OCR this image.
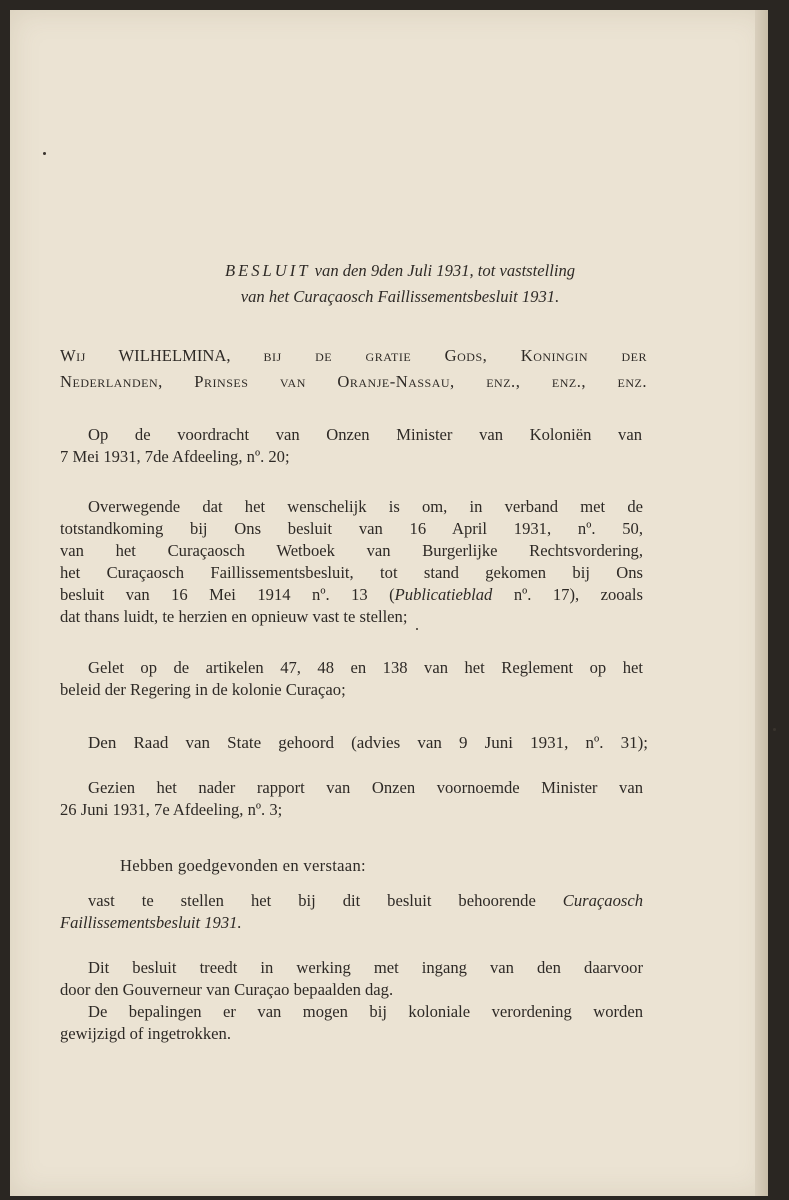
BESLUIT van den 9den Juli 1931, tot vaststelling
van het Curaçaosch Faillissementsbesluit 1931.
Wij WILHELMINA, bij de gratie Gods, Koningin der
Nederlanden, Prinses van Oranje-Nassau, enz., enz., enz.
Op de voordracht van Onzen Minister van Koloniën van
7 Mei 1931, 7de Afdeeling, nº. 20;
Overwegende dat het wenschelijk is om, in verband met de
totstandkoming bij Ons besluit van 16 April 1931, nº. 50,
van het Curaçaosch Wetboek van Burgerlijke Rechtsvordering,
het Curaçaosch Faillissementsbesluit, tot stand gekomen bij Ons
besluit van 16 Mei 1914 nº. 13 (Publicatieblad nº. 17), zooals
dat thans luidt, te herzien en opnieuw vast te stellen;
Gelet op de artikelen 47, 48 en 138 van het Reglement op het
beleid der Regering in de kolonie Curaçao;
Den Raad van State gehoord (advies van 9 Juni 1931, nº. 31);
Gezien het nader rapport van Onzen voornoemde Minister van
26 Juni 1931, 7e Afdeeling, nº. 3;
Hebben goedgevonden en verstaan:
vast te stellen het bij dit besluit behoorende Curaçaosch
Faillissementsbesluit 1931.
Dit besluit treedt in werking met ingang van den daarvoor
door den Gouverneur van Curaçao bepaalden dag.
De bepalingen er van mogen bij koloniale verordening worden
gewijzigd of ingetrokken.
